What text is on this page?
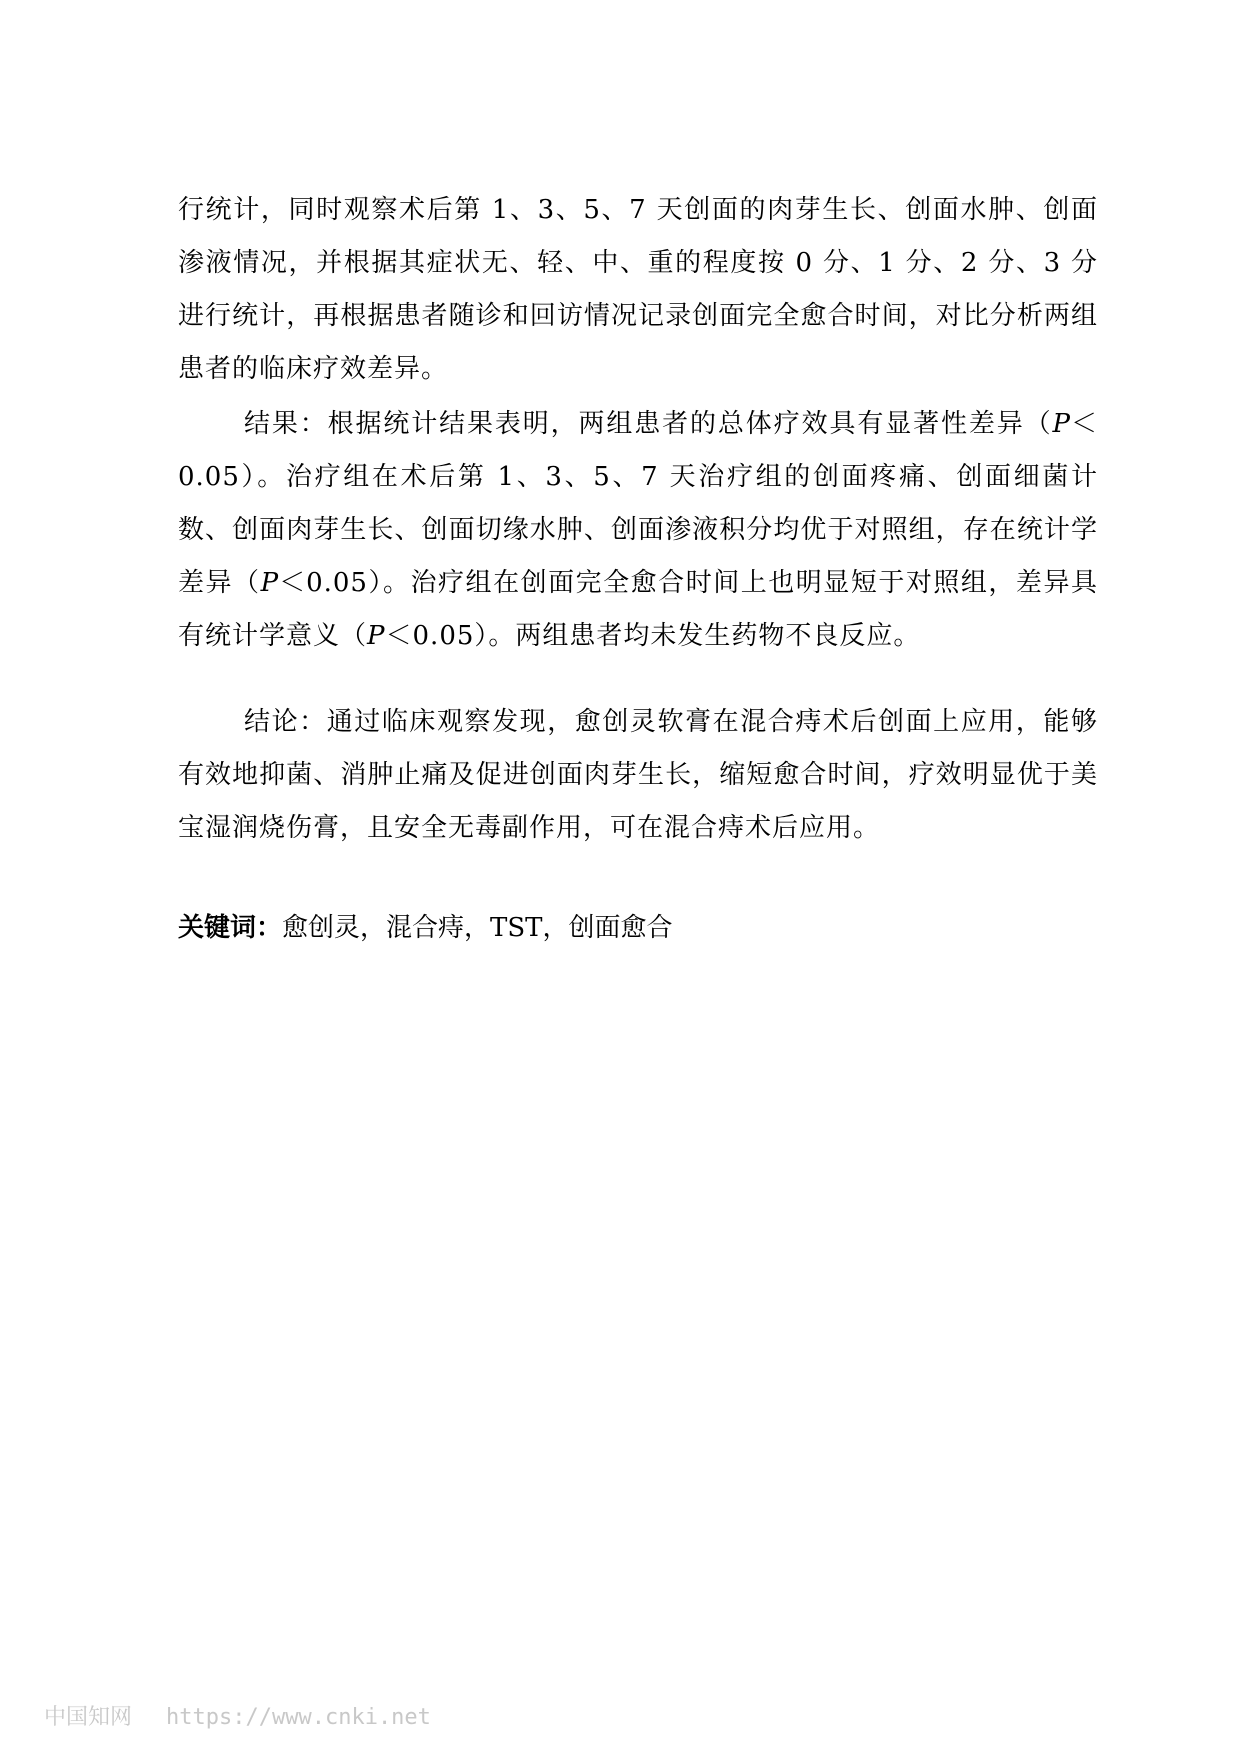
行统计，同时观察术后第 1、3、5、7 天创面的肉芽生长、创面水肿、创面渗液情况，并根据其症状无、轻、中、重的程度按 0 分、1 分、2 分、3 分进行统计，再根据患者随诊和回访情况记录创面完全愈合时间，对比分析两组患者的临床疗效差异。

结果：根据统计结果表明，两组患者的总体疗效具有显著性差异（P＜0.05）。治疗组在术后第 1、3、5、7 天治疗组的创面疼痛、创面细菌计数、创面肉芽生长、创面切缘水肿、创面渗液积分均优于对照组，存在统计学差异（P＜0.05）。治疗组在创面完全愈合时间上也明显短于对照组，差异具有统计学意义（P＜0.05）。两组患者均未发生药物不良反应。

结论：通过临床观察发现，愈创灵软膏在混合痔术后创面上应用，能够有效地抑菌、消肿止痛及促进创面肉芽生长，缩短愈合时间，疗效明显优于美宝湿润烧伤膏，且安全无毒副作用，可在混合痔术后应用。

关键词：愈创灵，混合痔，TST，创面愈合

中国知网 https://www.cnki.net
